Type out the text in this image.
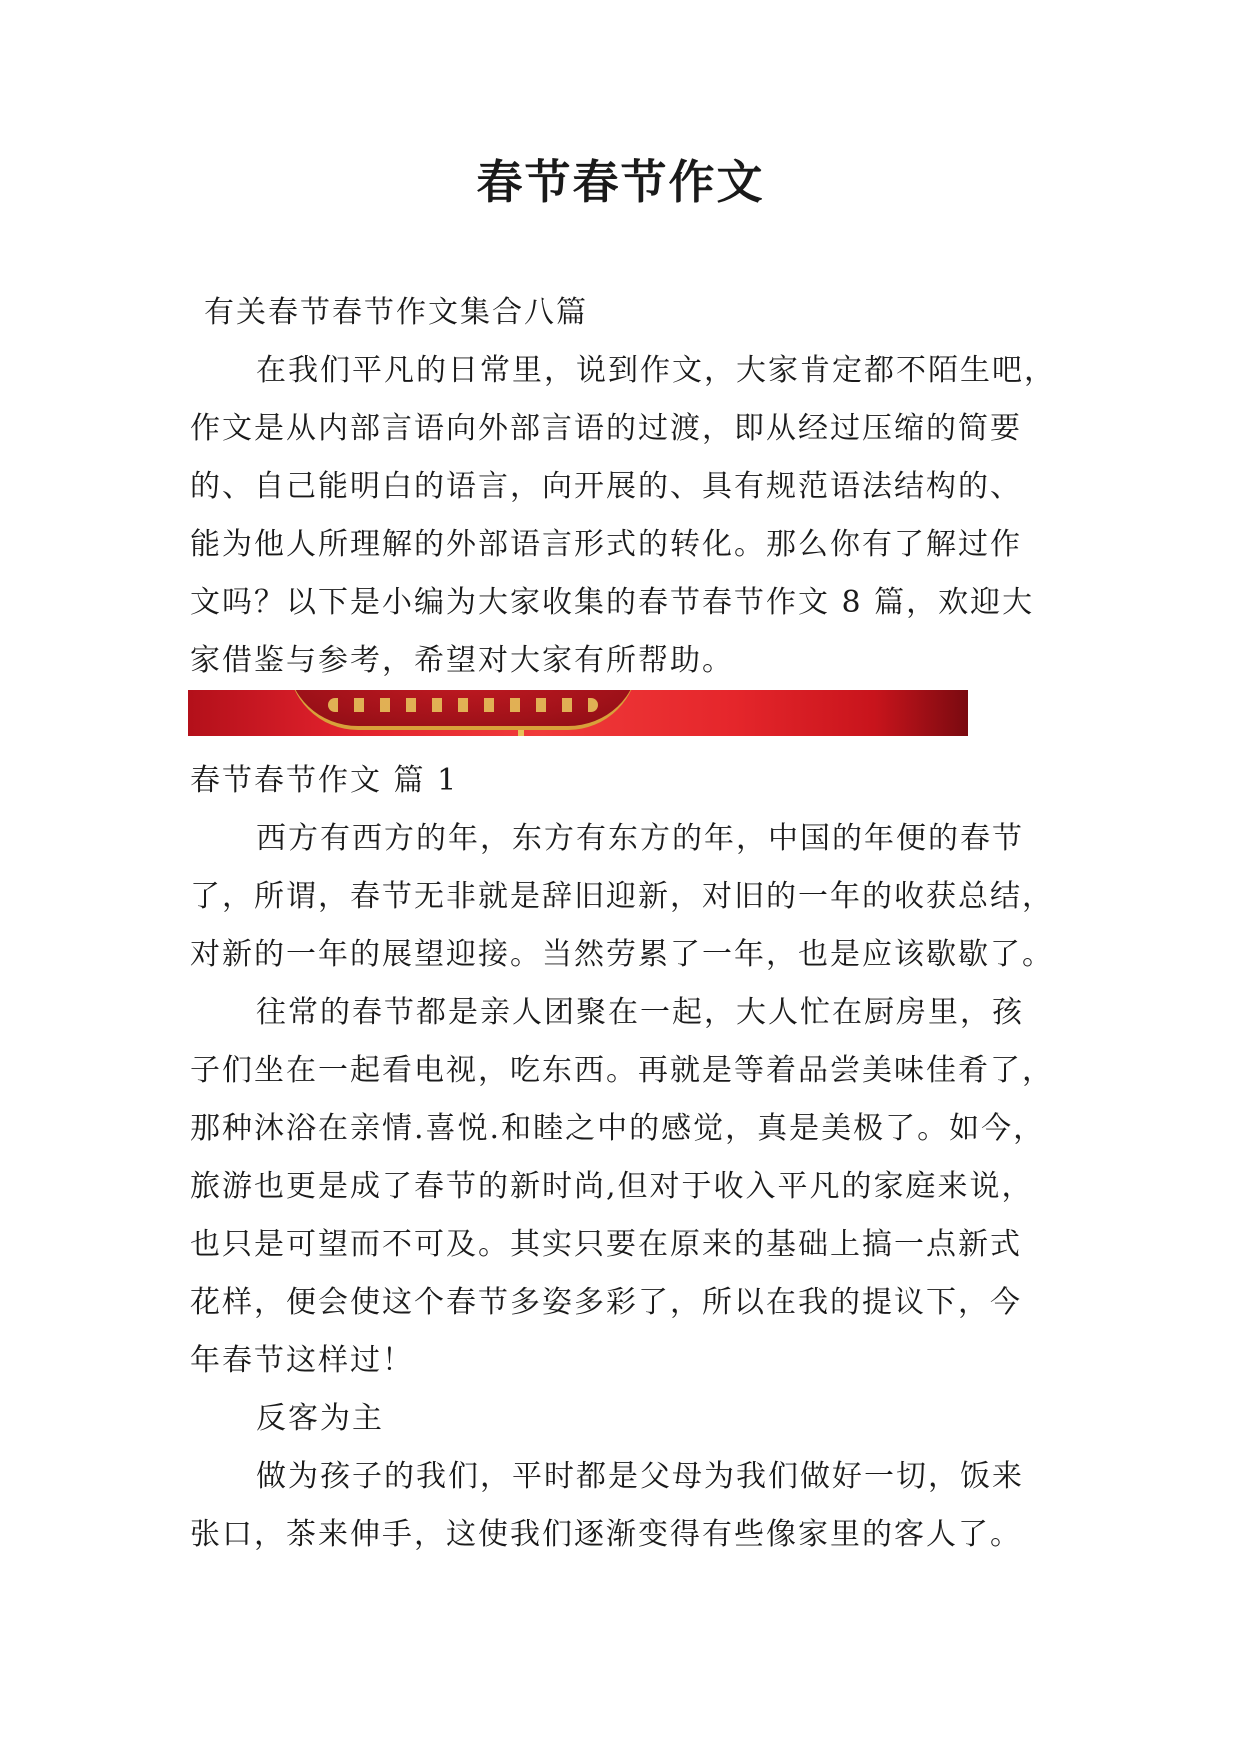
春节春节作文
有关春节春节作文集合八篇
在我们平凡的日常里，说到作文，大家肯定都不陌生吧，
作文是从内部言语向外部言语的过渡，即从经过压缩的简要
的、自己能明白的语言，向开展的、具有规范语法结构的、
能为他人所理解的外部语言形式的转化。那么你有了解过作
文吗？以下是小编为大家收集的春节春节作文 8 篇，欢迎大
家借鉴与参考，希望对大家有所帮助。
春节春节作文 篇 1
西方有西方的年，东方有东方的年，中国的年便的春节
了，所谓，春节无非就是辞旧迎新，对旧的一年的收获总结，
对新的一年的展望迎接。当然劳累了一年，也是应该歇歇了。
往常的春节都是亲人团聚在一起，大人忙在厨房里，孩
子们坐在一起看电视，吃东西。再就是等着品尝美味佳肴了，
那种沐浴在亲情.喜悦.和睦之中的感觉，真是美极了。如今，
旅游也更是成了春节的新时尚,但对于收入平凡的家庭来说，
也只是可望而不可及。其实只要在原来的基础上搞一点新式
花样，便会使这个春节多姿多彩了，所以在我的提议下，今
年春节这样过！
反客为主
做为孩子的我们，平时都是父母为我们做好一切，饭来
张口，茶来伸手，这使我们逐渐变得有些像家里的客人了。
